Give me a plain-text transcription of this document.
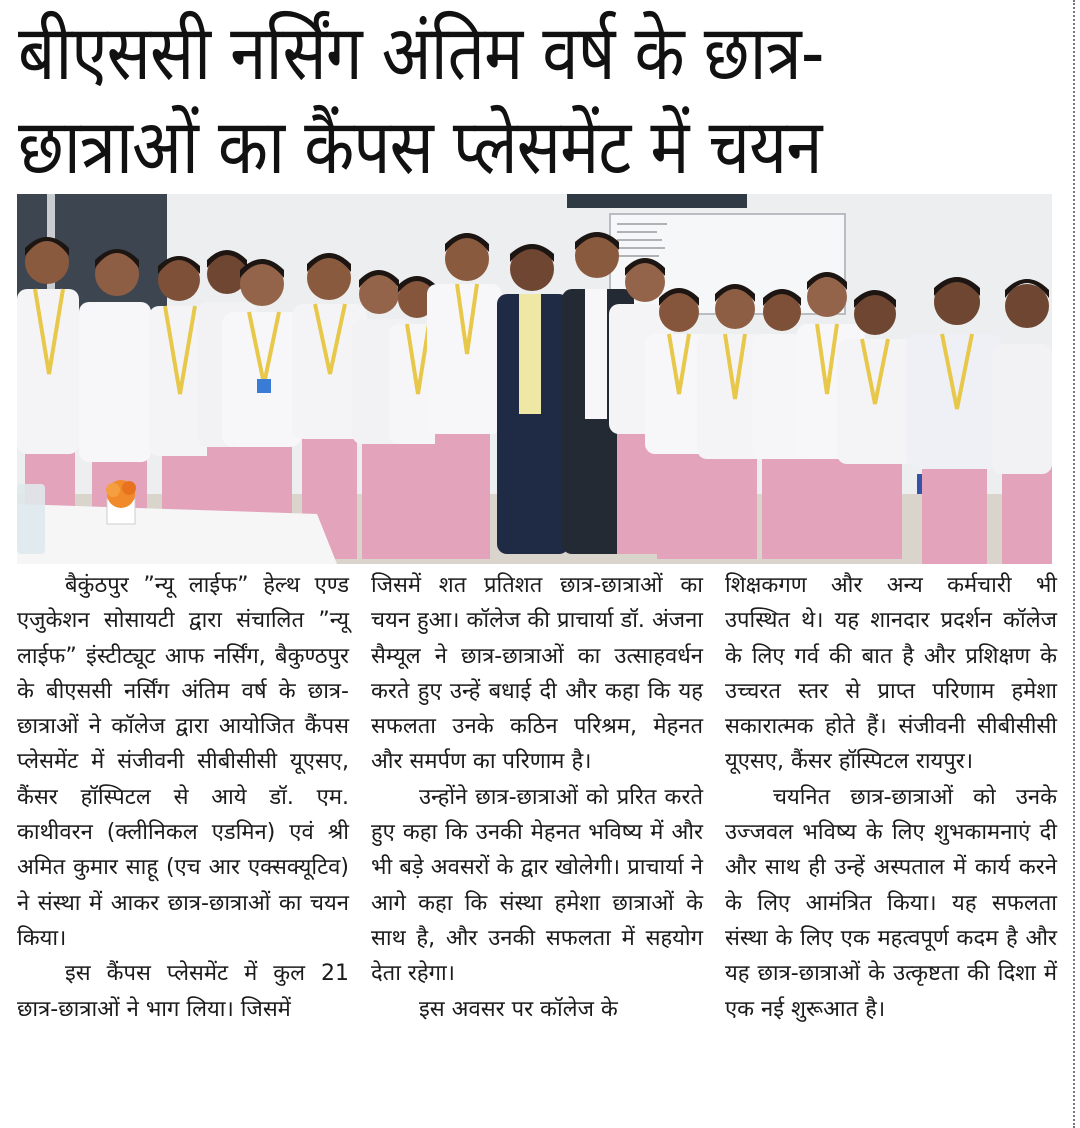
बीएससी नर्सिंग अंतिम वर्ष के छात्र-
छात्राओं का कैंपस प्लेसमेंट में चयन

बैकुंठपुर ”न्यू लाईफ” हेल्थ एण्ड एजुकेशन सोसायटी द्वारा संचालित ”न्यू लाईफ” इंस्टीट्यूट आफ नर्सिंग, बैकुण्ठपुर के बीएससी नर्सिंग अंतिम वर्ष के छात्र-छात्राओं ने कॉलेज द्वारा आयोजित कैंपस प्लेसमेंट में संजीवनी सीबीसीसी यूएसए, कैंसर हॉस्पिटल से आये डॉ. एम. काथीवरन (क्लीनिकल एडमिन) एवं श्री अमित कुमार साहू (एच आर एक्सक्यूटिव) ने संस्था में आकर छात्र-छात्राओं का चयन किया।

इस कैंपस प्लेसमेंट में कुल 21 छात्र-छात्राओं ने भाग लिया। जिसमें

जिसमें शत प्रतिशत छात्र-छात्राओं का चयन हुआ। कॉलेज की प्राचार्या डॉ. अंजना सैम्यूल ने छात्र-छात्राओं का उत्साहवर्धन करते हुए उन्हें बधाई दी और कहा कि यह सफलता उनके कठिन परिश्रम, मेहनत और समर्पण का परिणाम है।

उन्होंने छात्र-छात्राओं को प्ररित करते हुए कहा कि उनकी मेहनत भविष्य में और भी बड़े अवसरों के द्वार खोलेगी। प्राचार्या ने आगे कहा कि संस्था हमेशा छात्राओं के साथ है, और उनकी सफलता में सहयोग देता रहेगा।

इस अवसर पर कॉलेज के

शिक्षकगण और अन्य कर्मचारी भी उपस्थित थे। यह शानदार प्रदर्शन कॉलेज के लिए गर्व की बात है और प्रशिक्षण के उच्चरत स्तर से प्राप्त परिणाम हमेशा सकारात्मक होते हैं। संजीवनी सीबीसीसी यूएसए, कैंसर हॉस्पिटल रायपुर।

चयनित छात्र-छात्राओं को उनके उज्जवल भविष्य के लिए शुभकामनाएं दी और साथ ही उन्हें अस्पताल में कार्य करने के लिए आमंत्रित किया। यह सफलता संस्था के लिए एक महत्वपूर्ण कदम है और यह छात्र-छात्राओं के उत्कृष्टता की दिशा में एक नई शुरूआत है।
